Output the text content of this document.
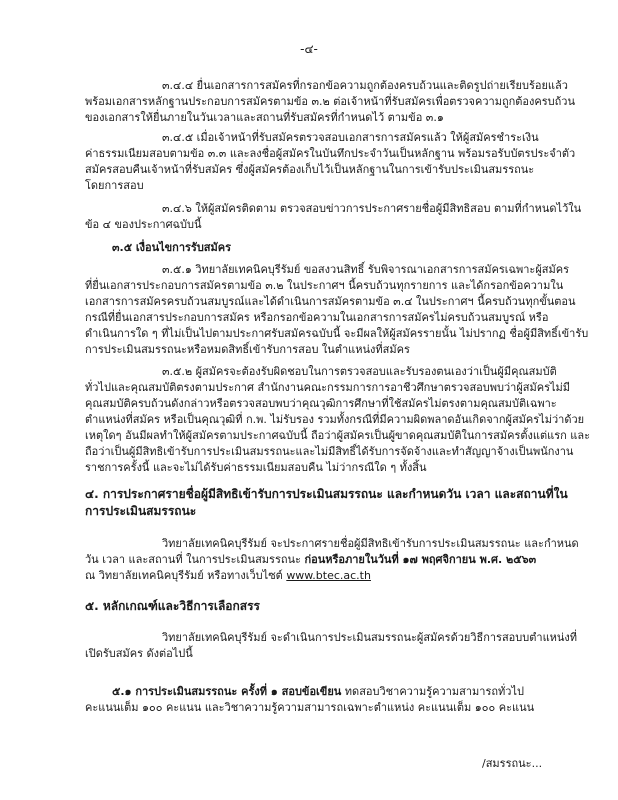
-๔-
๓.๔.๔ ยื่นเอกสารการสมัครที่กรอกข้อความถูกต้องครบถ้วนและติดรูปถ่ายเรียบร้อยแล้ว
พร้อมเอกสารหลักฐานประกอบการสมัครตามข้อ ๓.๒ ต่อเจ้าหน้าที่รับสมัครเพื่อตรวจความถูกต้องครบถ้วน
ของเอกสารให้ยื่นภายในวันเวลาและสถานที่รับสมัครที่กำหนดไว้ ตามข้อ ๓.๑
๓.๔.๕ เมื่อเจ้าหน้าที่รับสมัครตรวจสอบเอกสารการสมัครแล้ว ให้ผู้สมัครชำระเงิน
ค่าธรรมเนียมสอบตามข้อ ๓.๓ และลงชื่อผู้สมัครในบันทึกประจำวันเป็นหลักฐาน พร้อมรอรับบัตรประจำตัว
สมัครสอบคืนเจ้าหน้าที่รับสมัคร ซึ่งผู้สมัครต้องเก็บไว้เป็นหลักฐานในการเข้ารับประเมินสมรรถนะ
โดยการสอบ
๓.๔.๖ ให้ผู้สมัครติดตาม ตรวจสอบข่าวการประกาศรายชื่อผู้มีสิทธิสอบ ตามที่กำหนดไว้ใน
ข้อ ๔ ของประกาศฉบับนี้
๓.๕ เงื่อนไขการรับสมัคร
๓.๕.๑ วิทยาลัยเทคนิคบุรีรัมย์ ขอสงวนสิทธิ์ รับพิจารณาเอกสารการสมัครเฉพาะผู้สมัคร
ที่ยื่นเอกสารประกอบการสมัครตามข้อ ๓.๒ ในประกาศฯ นี้ครบถ้วนทุกรายการ และได้กรอกข้อความใน
เอกสารการสมัครครบถ้วนสมบูรณ์และได้ดำเนินการสมัครตามข้อ ๓.๔ ในประกาศฯ นี้ครบถ้วนทุกขั้นตอน
กรณีที่ยื่นเอกสารประกอบการสมัคร หรือกรอกข้อความในเอกสารการสมัครไม่ครบถ้วนสมบูรณ์ หรือ
ดำเนินการใด ๆ ที่ไม่เป็นไปตามประกาศรับสมัครฉบับนี้ จะมีผลให้ผู้สมัครรายนั้น ไม่ปรากฏ ชื่อผู้มีสิทธิ์เข้ารับ
การประเมินสมรรถนะหรือหมดสิทธิ์เข้ารับการสอบ ในตำแหน่งที่สมัคร
๓.๕.๒ ผู้สมัครจะต้องรับผิดชอบในการตรวจสอบและรับรองตนเองว่าเป็นผู้มีคุณสมบัติ
ทั่วไปและคุณสมบัติตรงตามประกาศ สำนักงานคณะกรรมการการอาชีวศึกษาตรวจสอบพบว่าผู้สมัครไม่มี
คุณสมบัติครบถ้วนดังกล่าวหรือตรวจสอบพบว่าคุณวุฒิการศึกษาที่ใช้สมัครไม่ตรงตามคุณสมบัติเฉพาะ
ตำแหน่งที่สมัคร หรือเป็นคุณวุฒิที่ ก.พ. ไม่รับรอง รวมทั้งกรณีที่มีความผิดพลาดอันเกิดจากผู้สมัครไม่ว่าด้วย
เหตุใดๆ อันมีผลทำให้ผู้สมัครตามประกาศฉบับนี้ ถือว่าผู้สมัครเป็นผู้ขาดคุณสมบัติในการสมัครตั้งแต่แรก และ
ถือว่าเป็นผู้มีสิทธิเข้ารับการประเมินสมรรถนะและไม่มีสิทธิ์ได้รับการจัดจ้างและทำสัญญาจ้างเป็นพนักงาน
ราชการครั้งนี้ และจะไม่ได้รับค่าธรรมเนียมสอบคืน ไม่ว่ากรณีใด ๆ ทั้งสิ้น
๔. การประกาศรายชื่อผู้มีสิทธิเข้ารับการประเมินสมรรถนะ และกำหนดวัน เวลา และสถานที่ใน
การประเมินสมรรถนะ
วิทยาลัยเทคนิคบุรีรัมย์ จะประกาศรายชื่อผู้มีสิทธิเข้ารับการประเมินสมรรถนะ และกำหนด
วัน เวลา และสถานที่ ในการประเมินสมรรถนะ ก่อนหรือภายในวันที่ ๑๗ พฤศจิกายน พ.ศ. ๒๕๖๓
ณ วิทยาลัยเทคนิคบุรีรัมย์ หรือทางเว็บไซต์ www.btec.ac.th
๕. หลักเกณฑ์และวิธีการเลือกสรร
วิทยาลัยเทคนิคบุรีรัมย์ จะดำเนินการประเมินสมรรถนะผู้สมัครด้วยวิธีการสอบบตำแหน่งที่
เปิดรับสมัคร ดังต่อไปนี้
๕.๑ การประเมินสมรรถนะ ครั้งที่ ๑ สอบข้อเขียน ทดสอบวิชาความรู้ความสามารถทั่วไป
คะแนนเต็ม ๑๐๐ คะแนน และวิชาความรู้ความสามารถเฉพาะตำแหน่ง คะแนนเต็ม ๑๐๐ คะแนน
/สมรรถนะ...
